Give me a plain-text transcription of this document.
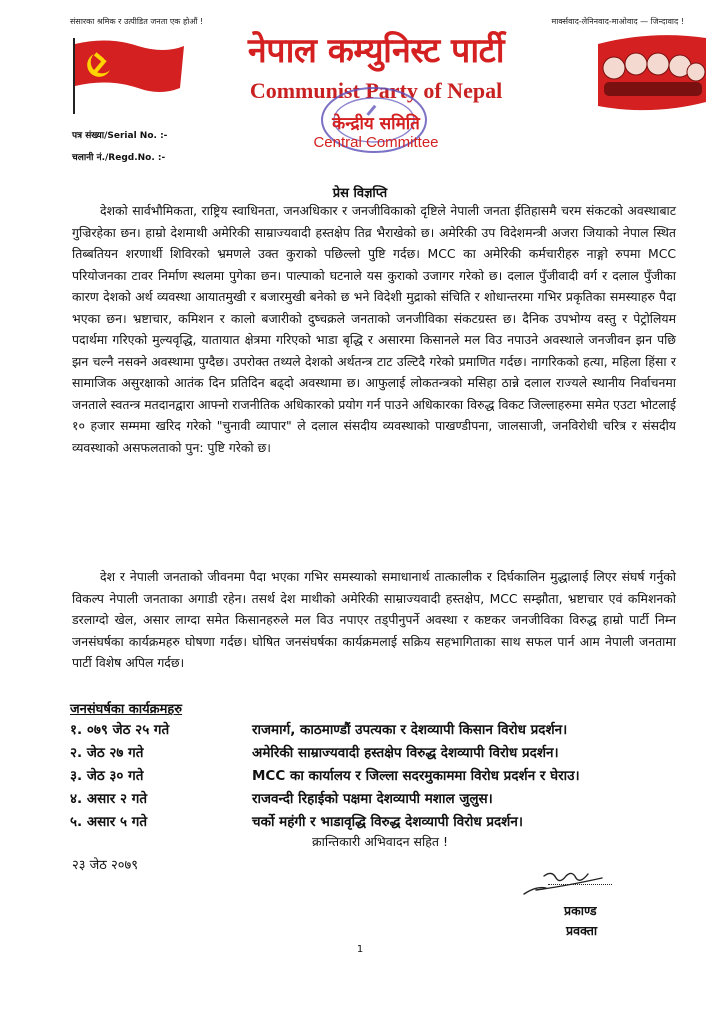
संसारका श्रमिक र उत्पीडित जनता एक होऔं !	मार्क्सवाद-लेनिनवाद-माओवाद — जिन्दावाद !
नेपाल कम्युनिस्ट पार्टी
Communist Party of Nepal
केन्द्रीय समिति
Central Committee
पत्र संख्या/Serial No. :-
चलानी नं./Regd.No. :-
प्रेस विज्ञप्ति

देशको सार्वभौमिकता, राष्ट्रिय स्वाधिनता, जनअधिकार र जनजीविकाको दृष्टिले नेपाली जनता ईतिहासमै चरम संकटको अवस्थाबाट गुज्रिरहेका छन। हाम्रो देशमाथी अमेरिकी साम्राज्यवादी हस्तक्षेप तिव्र भैराखेको छ। अमेरिकी उप विदेशमन्त्री अजरा जियाको नेपाल स्थित तिब्बतियन शरणार्थी शिविरको भ्रमणले उक्त कुराको पछिल्लो पुष्टि गर्दछ। MCC का अमेरिकी कर्मचारीहरु नाङ्गो रुपमा MCC परियोजनका टावर निर्माण स्थलमा पुगेका छन। पाल्पाको घटनाले यस कुराको उजागर गरेको छ। दलाल पुँजीवादी वर्ग र दलाल पुँजीका कारण देशको अर्थ व्यवस्था आयातमुखी र बजारमुखी बनेको छ भने विदेशी मुद्राको संचिति र शोधान्तरमा गभिर प्रकृतिका समस्याहरु पैदा भएका छन। भ्रष्टाचार, कमिशन र कालो बजारीको दुष्चक्रले जनताको जनजीविका संकटग्रस्त छ। दैनिक उपभोग्य वस्तु र पेट्रोलियम पदार्थमा गरिएको मुल्यवृद्धि, यातायात क्षेत्रमा गरिएको भाडा बृद्धि र असारमा किसानले मल विउ नपाउने अवस्थाले जनजीवन झन पछि झन चल्नै नसक्ने अवस्थामा पुग्दैछ। उपरोक्त तथ्यले देशको अर्थतन्त्र टाट उल्टिदै गरेको प्रमाणित गर्दछ। नागरिकको हत्या, महिला हिंसा र सामाजिक असुरक्षाको आतंक दिन प्रतिदिन बढ्दो अवस्थामा छ। आफुलाई लोकतन्त्रको मसिहा ठान्ने दलाल राज्यले स्थानीय निर्वाचनमा जनताले स्वतन्त्र मतदानद्वारा आफ्नो राजनीतिक अधिकारको प्रयोग गर्न पाउने अधिकारका विरुद्ध विकट जिल्लाहरुमा समेत एउटा भोटलाई १० हजार सम्ममा खरिद गरेको "चुनावी व्यापार" ले दलाल संसदीय व्यवस्थाको पाखण्डीपना, जालसाजी, जनविरोधी चरित्र र संसदीय व्यवस्थाको असफलताको पुन: पुष्टि गरेको छ।

देश र नेपाली जनताको जीवनमा पैदा भएका गभिर समस्याको समाधानार्थ तात्कालीक र दिर्घकालिन मुद्धालाई लिएर संघर्ष गर्नुको विकल्प नेपाली जनताका अगाडी रहेन। तसर्थ देश माथीको अमेरिकी साम्राज्यवादी हस्तक्षेप, MCC सम्झौता, भ्रष्टाचार एवं कमिशनको डरलाग्दो खेल, असार लाग्दा समेत किसानहरुले मल विउ नपाएर तड्पीनुपर्ने अवस्था र कष्टकर जनजीविका विरुद्ध हाम्रो पार्टी निम्न जनसंघर्षका कार्यक्रमहरु घोषणा गर्दछ। घोषित जनसंघर्षका कार्यक्रमलाई सक्रिय सहभागिताका साथ सफल पार्न आम नेपाली जनतामा पार्टी विशेष अपिल गर्दछ।

जनसंघर्षका कार्यक्रमहरु
१. ०७९ जेठ २५ गते	राजमार्ग, काठमाण्डौं उपत्यका र देशव्यापी किसान विरोध प्रदर्शन।
२. जेठ २७ गते	अमेरिकी साम्राज्यवादी हस्तक्षेप विरुद्ध देशव्यापी विरोध प्रदर्शन।
३. जेठ ३० गते	MCC का कार्यालय र जिल्ला सदरमुकाममा विरोध प्रदर्शन र घेराउ।
४. असार २ गते	राजवन्दी रिहाईको पक्षमा देशव्यापी मशाल जुलुस।
५. असार ५ गते	चर्को महंगी र भाडावृद्धि विरुद्ध देशव्यापी विरोध प्रदर्शन।
क्रान्तिकारी अभिवादन सहित !
२३ जेठ २०७९
प्रकाण्ड
प्रवक्ता
1
